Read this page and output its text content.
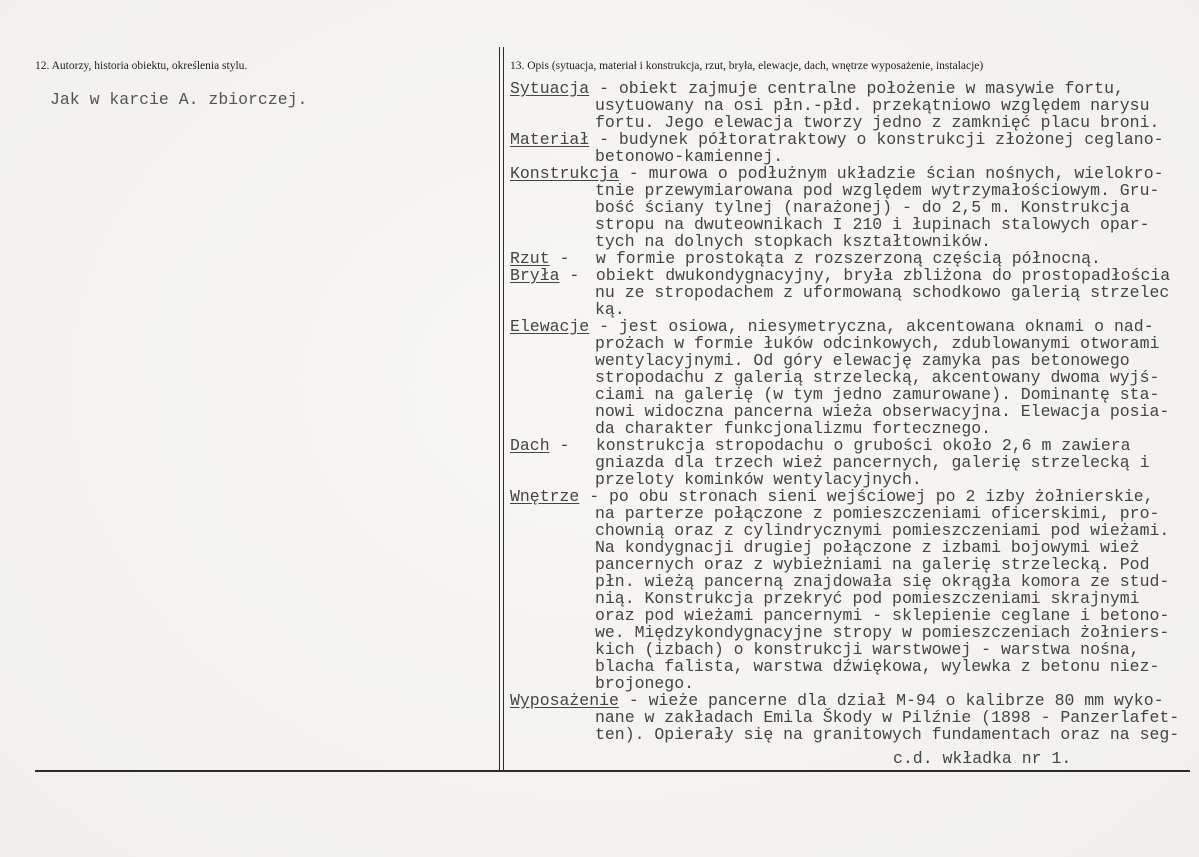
12. Autorzy, historia obiektu, określenia stylu.
Jak w karcie A. zbiorczej.
13. Opis (sytuacja, materiał i konstrukcja, rzut, bryła, elewacje, dach, wnętrze wyposażenie, instalacje)
Sytuacja - obiekt zajmuje centralne położenie w masywie fortu,
usytuowany na osi płn.-płd. przekątniowo względem narysu
fortu. Jego elewacja tworzy jedno z zamknięć placu broni.
Materiał - budynek półtoratraktowy o konstrukcji złożonej ceglano-
betonowo-kamiennej.
Konstrukcja - murowa o podłużnym układzie ścian nośnych, wielokro-
tnie przewymiarowana pod względem wytrzymałościowym. Gru-
bość ściany tylnej (narażonej) - do 2,5 m. Konstrukcja
stropu na dwuteownikach I 210 i łupinach stalowych opar-
tych na dolnych stopkach kształtowników.
Rzut - w formie prostokąta z rozszerzoną częścią północną.
Bryła - obiekt dwukondygnacyjny, bryła zbliżona do prostopadłościa
nu ze stropodachem z uformowaną schodkowo galerią strzelec
ką.
Elewacje - jest osiowa, niesymetryczna, akcentowana oknami o nad-
prożach w formie łuków odcinkowych, zdublowanymi otworami
wentylacyjnymi. Od góry elewację zamyka pas betonowego
stropodachu z galerią strzelecką, akcentowany dwoma wyjś-
ciami na galerię (w tym jedno zamurowane). Dominantę sta-
nowi widoczna pancerna wieża obserwacyjna. Elewacja posia-
da charakter funkcjonalizmu fortecznego.
Dach - konstrukcja stropodachu o grubości około 2,6 m zawiera
gniazda dla trzech wież pancernych, galerię strzelecką i
przeloty kominków wentylacyjnych.
Wnętrze - po obu stronach sieni wejściowej po 2 izby żołnierskie,
na parterze połączone z pomieszczeniami oficerskimi, pro-
chownią oraz z cylindrycznymi pomieszczeniami pod wieżami.
Na kondygnacji drugiej połączone z izbami bojowymi wież
pancernych oraz z wybieżniami na galerię strzelecką. Pod
płn. wieżą pancerną znajdowała się okrągła komora ze stud-
nią. Konstrukcja przekryć pod pomieszczeniami skrajnymi
oraz pod wieżami pancernymi - sklepienie ceglane i betono-
we. Międzykondygnacyjne stropy w pomieszczeniach żołniers-
kich (izbach) o konstrukcji warstwowej - warstwa nośna,
blacha falista, warstwa dźwiękowa, wylewka z betonu niez-
brojonego.
Wyposażenie - wieże pancerne dla dział M-94 o kalibrze 80 mm wyko-
nane w zakładach Emila Škody w Pilźnie (1898 - Panzerlafet-
ten). Opierały się na granitowych fundamentach oraz na seg-
c.d. wkładka nr 1.
